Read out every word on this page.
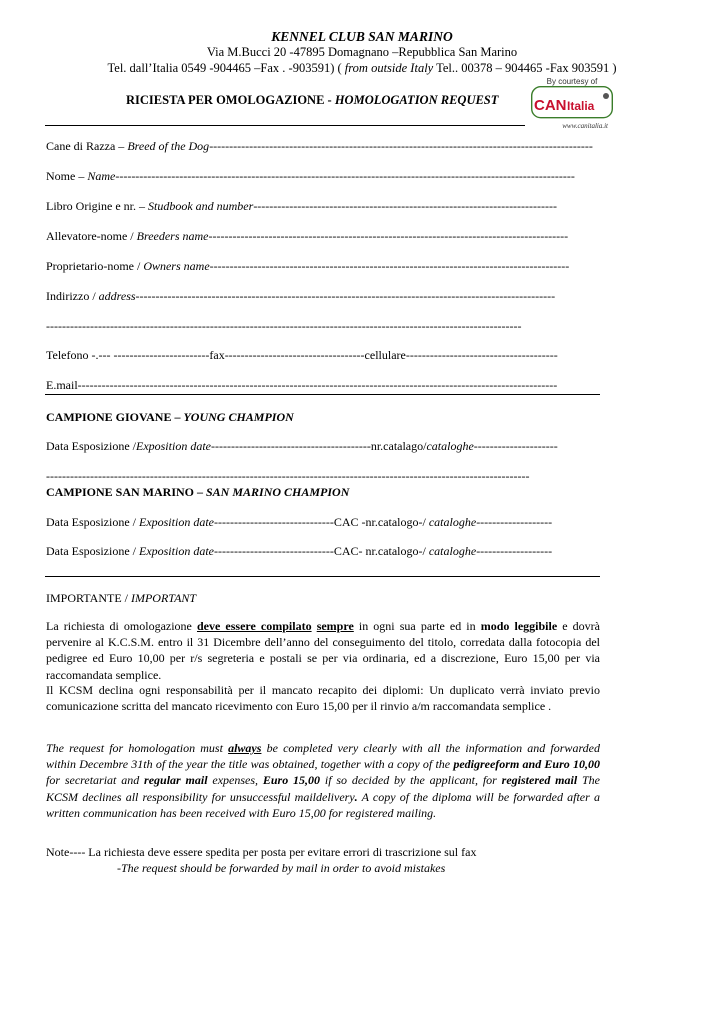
KENNEL CLUB SAN MARINO
Via M.Bucci 20 -47895 Domagnano –Repubblica San Marino
Tel. dall’Italia 0549 -904465 –Fax . -903591) ( from outside Italy Tel.. 00378 – 904465 -Fax 903591 )
RICIESTA PER OMOLOGAZIONE - HOMOLOGATION REQUEST
By courtesy of
CAN Italia
www.canitalia.it
Cane di Razza – Breed of the Dog------------------------------------------------------------------------------------------------
Nome – Name-------------------------------------------------------------------------------------------------------------------
Libro Origine e nr. – Studbook and number----------------------------------------------------------------------------
Allevatore-nome / Breeders name------------------------------------------------------------------------------------------
Proprietario-nome / Owners name------------------------------------------------------------------------------------------
Indirizzo / address---------------------------------------------------------------------------------------------------------
-----------------------------------------------------------------------------------------------------------------------
Telefono -.--- ------------------------fax-----------------------------------cellulare--------------------------------------
E.mail------------------------------------------------------------------------------------------------------------------------
CAMPIONE GIOVANE – YOUNG CHAMPION
Data Esposizione /Exposition date----------------------------------------nr.catalago/cataloghe---------------------
-------------------------------------------------------------------------------------------------------------------------
CAMPIONE SAN MARINO – SAN MARINO CHAMPION
Data Esposizione / Exposition date------------------------------CAC -nr.catalogo-/ cataloghe-------------------
Data Esposizione / Exposition date------------------------------CAC- nr.catalogo-/ cataloghe-------------------
IMPORTANTE / IMPORTANT
La richiesta di omologazione deve essere compilato sempre in ogni sua parte ed in modo leggibile e dovrà pervenire al K.C.S.M. entro il 31 Dicembre dell’anno del conseguimento del titolo, corredata dalla fotocopia del pedigree ed Euro 10,00 per r/s segreteria e postali se per via ordinaria, ed a discrezione, Euro 15,00 per via raccomandata semplice.
Il KCSM declina ogni responsabilità per il mancato recapito dei diplomi: Un duplicato verrà inviato previo comunicazione scritta del mancato ricevimento con Euro 15,00 per il rinvio a/m raccomandata semplice .
The request for homologation must always be completed very clearly with all the information and forwarded within Decembre 31th of the year the title was obtained, together with a copy of the pedigreeform and Euro 10,00 for secretariat and regular mail expenses, Euro 15,00 if so decided by the applicant, for registered mail The KCSM declines all responsibility for unsuccessful maildelivery. A copy of the diploma will be forwarded after a written communication has been received with Euro 15,00 for registered mailing.
Note---- La richiesta deve essere spedita per posta per evitare errori di trascrizione sul fax
-The request should be forwarded by mail in order to avoid mistakes
